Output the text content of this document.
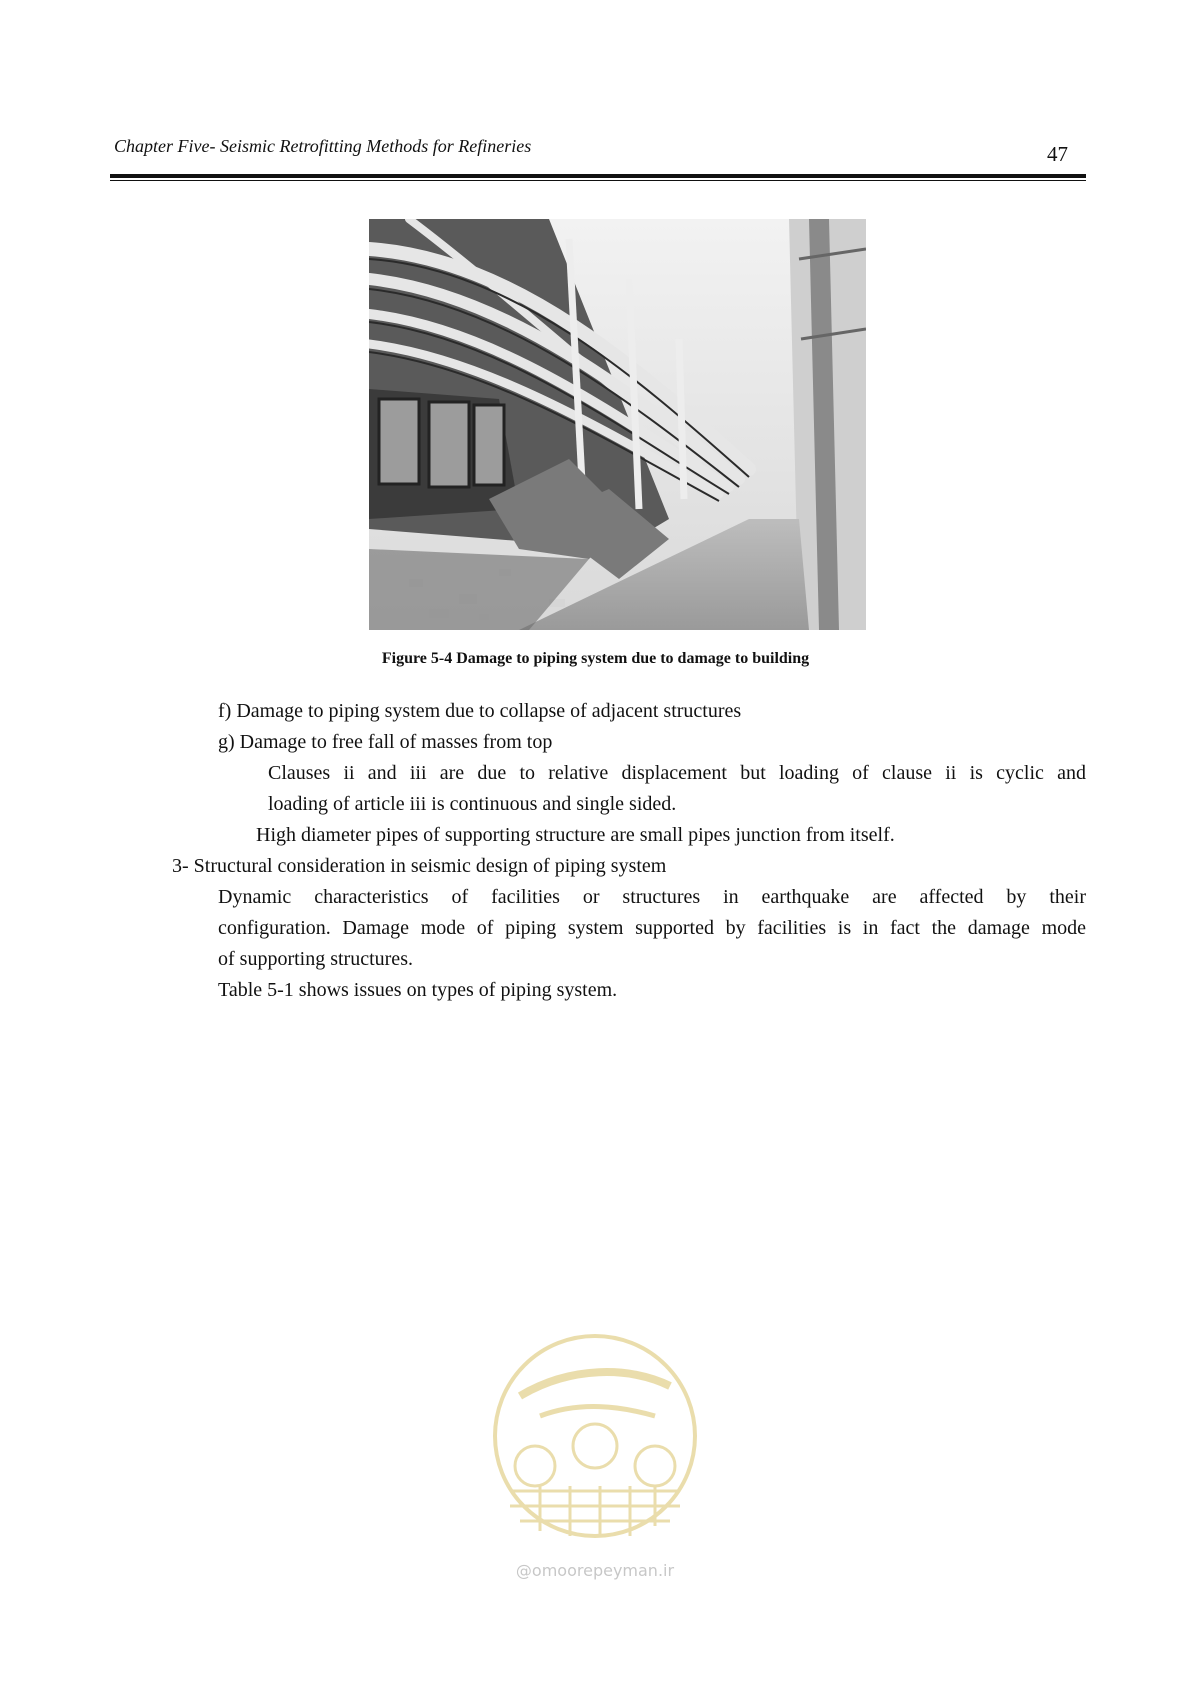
Chapter Five- Seismic Retrofitting Methods for Refineries	47
Figure 5-4 Damage to piping system due to damage to building
f) Damage to piping system due to collapse of adjacent structures
g) Damage to free fall of masses from top
Clauses ii and iii are due to relative displacement but loading of clause ii is cyclic and
loading of article iii is continuous and single sided.
High diameter pipes of supporting structure are small pipes junction from itself.
3- Structural consideration in seismic design of piping system
Dynamic characteristics of facilities or structures in earthquake are affected by their
configuration. Damage mode of piping system supported by facilities is in fact the damage mode
of supporting structures.
Table 5-1 shows issues on types of piping system.
@omoorepeyman.ir
